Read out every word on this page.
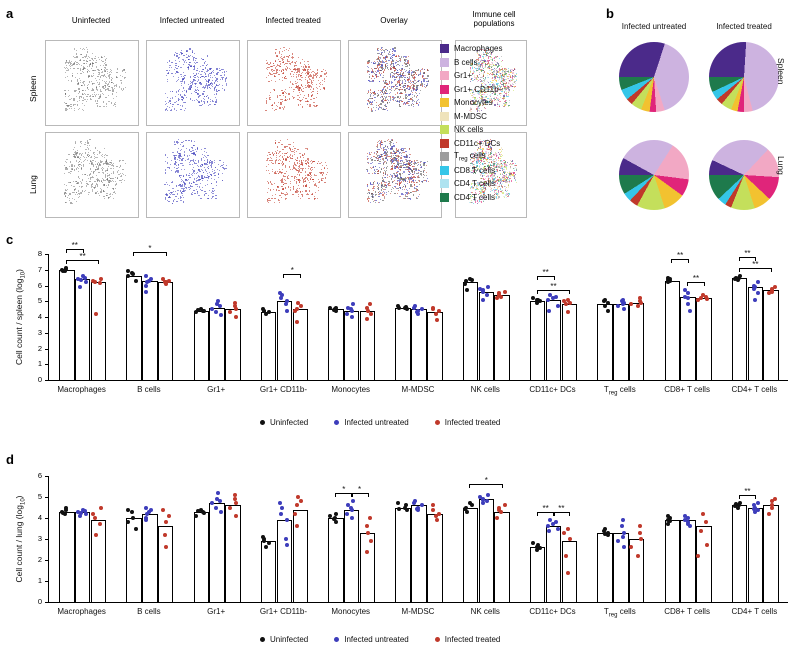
a	Uninfected	Infected untreated	Infected treated	Overlay
Immune cell populations
Spleen
Lung
Macrophages
B cells
Gr1+
Gr1+ CD11b-
Monocytes
M-MDSC
NK cells
CD11c+ DCs
$T_{reg}$ cells
CD8 T cells
CD4 T cells
CD4 T cells
b
Infected untreated	Infected treated
Spleen
Lung
c
0
1
2
3
4
5
6
7
8
Cell count / spleen $(\log_{10})$
Macrophages
**
**
B cells
*
Gr1+	Gr1+ CD11b-
*
Monocytes	M-MDSC	NK cells	CD11c+ DCs
**
**
$T_{reg}$ cells	CD8+ T cells
**
**
CD4+ T cells
**
**
Uninfected	Infected untreated	Infected treated
d
0
1
2
3
4
5
6
Cell count / lung $(\log_{10})$
Macrophages	B cells	Gr1+	Gr1+ CD11b-	Monocytes
* *
M-MDSC	NK cells
*
CD11c+ DCs
** **
$T_{reg}$ cells	CD8+ T cells	CD4+ T cells
**
Uninfected	Infected untreated	Infected treated
